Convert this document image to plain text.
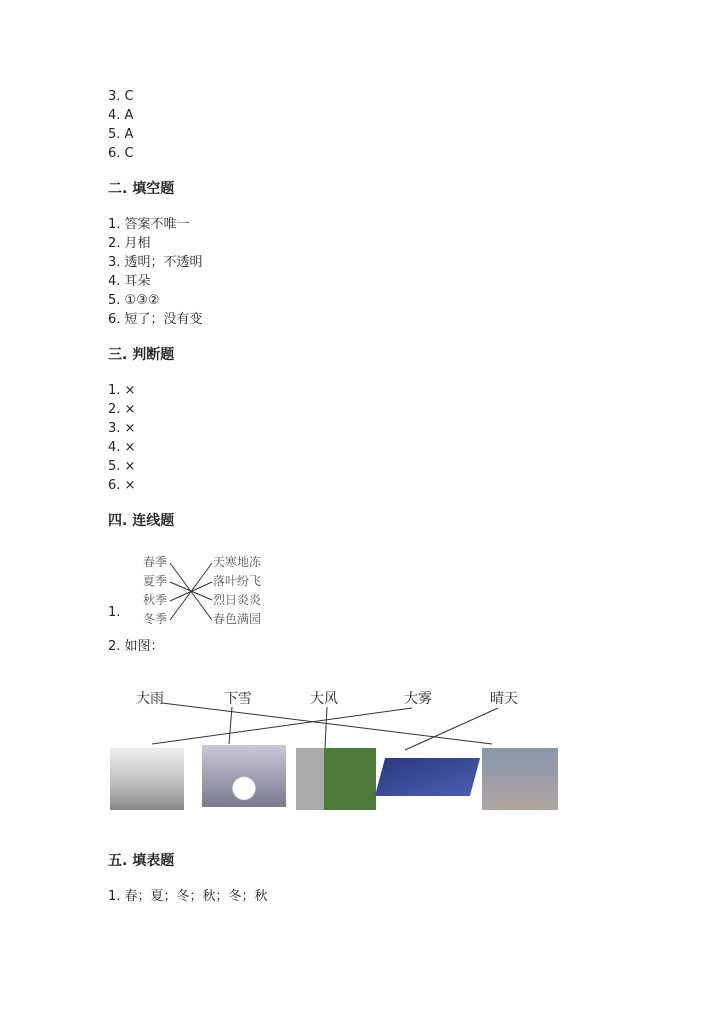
3. C
4. A
5. A
6. C
二. 填空题
1. 答案不唯一
2. 月相
3. 透明；不透明
4. 耳朵
5. ①③②
6. 短了；没有变
三. 判断题
1. ×
2. ×
3. ×
4. ×
5. ×
6. ×
四. 连线题
1.
春季
夏季
秋季
冬季
天寒地冻
落叶纷飞
烈日炎炎
春色满园
2. 如图：
大雨	下雪	大风	大雾	晴天
五. 填表题
1. 春；夏；冬；秋；冬；秋
